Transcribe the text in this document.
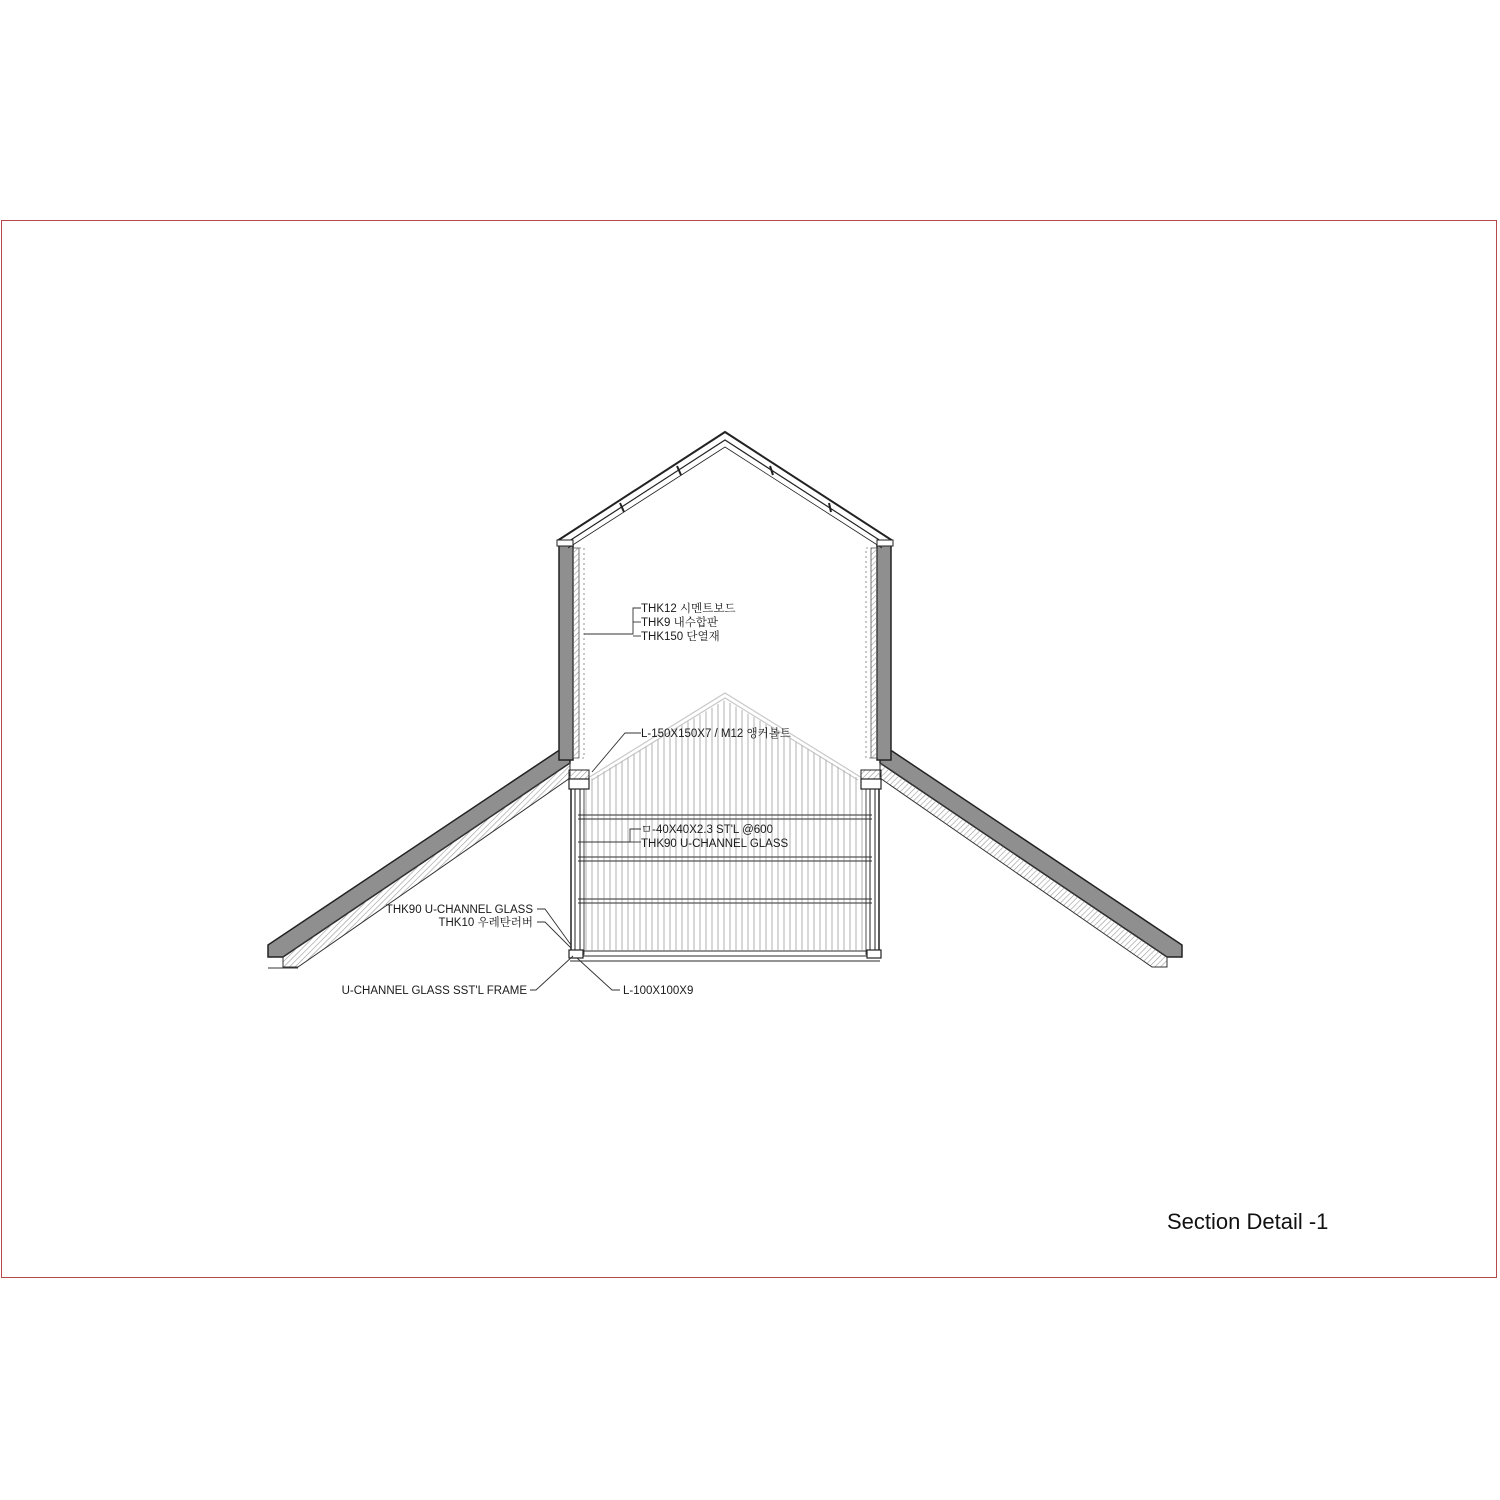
THK12 시멘트보드
THK9 내수합판
THK150 단열재
L-150X150X7 / M12 앵커볼트
ㅁ-40X40X2.3 ST'L @600
THK90 U-CHANNEL GLASS
THK90 U-CHANNEL GLASS
THK10 우레탄러버
U-CHANNEL GLASS SST'L FRAME	L-100X100X9
Section Detail -1
